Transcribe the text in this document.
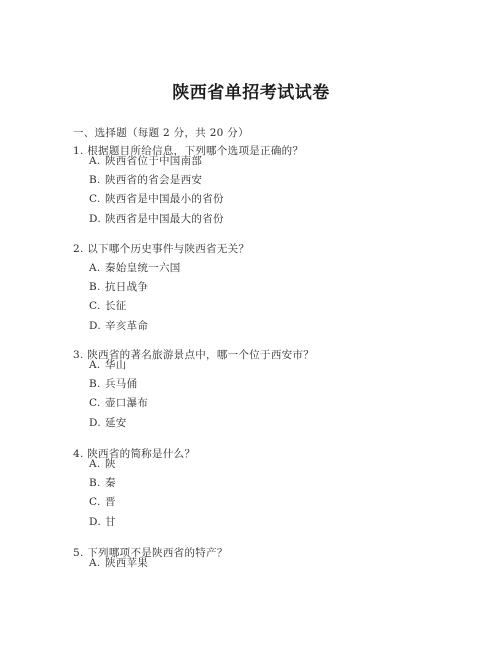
陕西省单招考试试卷
一、选择题（每题 2 分，共 20 分）
1. 根据题目所给信息，下列哪个选项是正确的？
A. 陕西省位于中国南部
B. 陕西省的省会是西安
C. 陕西省是中国最小的省份
D. 陕西省是中国最大的省份
2. 以下哪个历史事件与陕西省无关？
A. 秦始皇统一六国
B. 抗日战争
C. 长征
D. 辛亥革命
3. 陕西省的著名旅游景点中，哪一个位于西安市？
A. 华山
B. 兵马俑
C. 壶口瀑布
D. 延安
4. 陕西省的简称是什么？
A. 陕
B. 秦
C. 晋
D. 甘
5. 下列哪项不是陕西省的特产？
A. 陕西苹果
